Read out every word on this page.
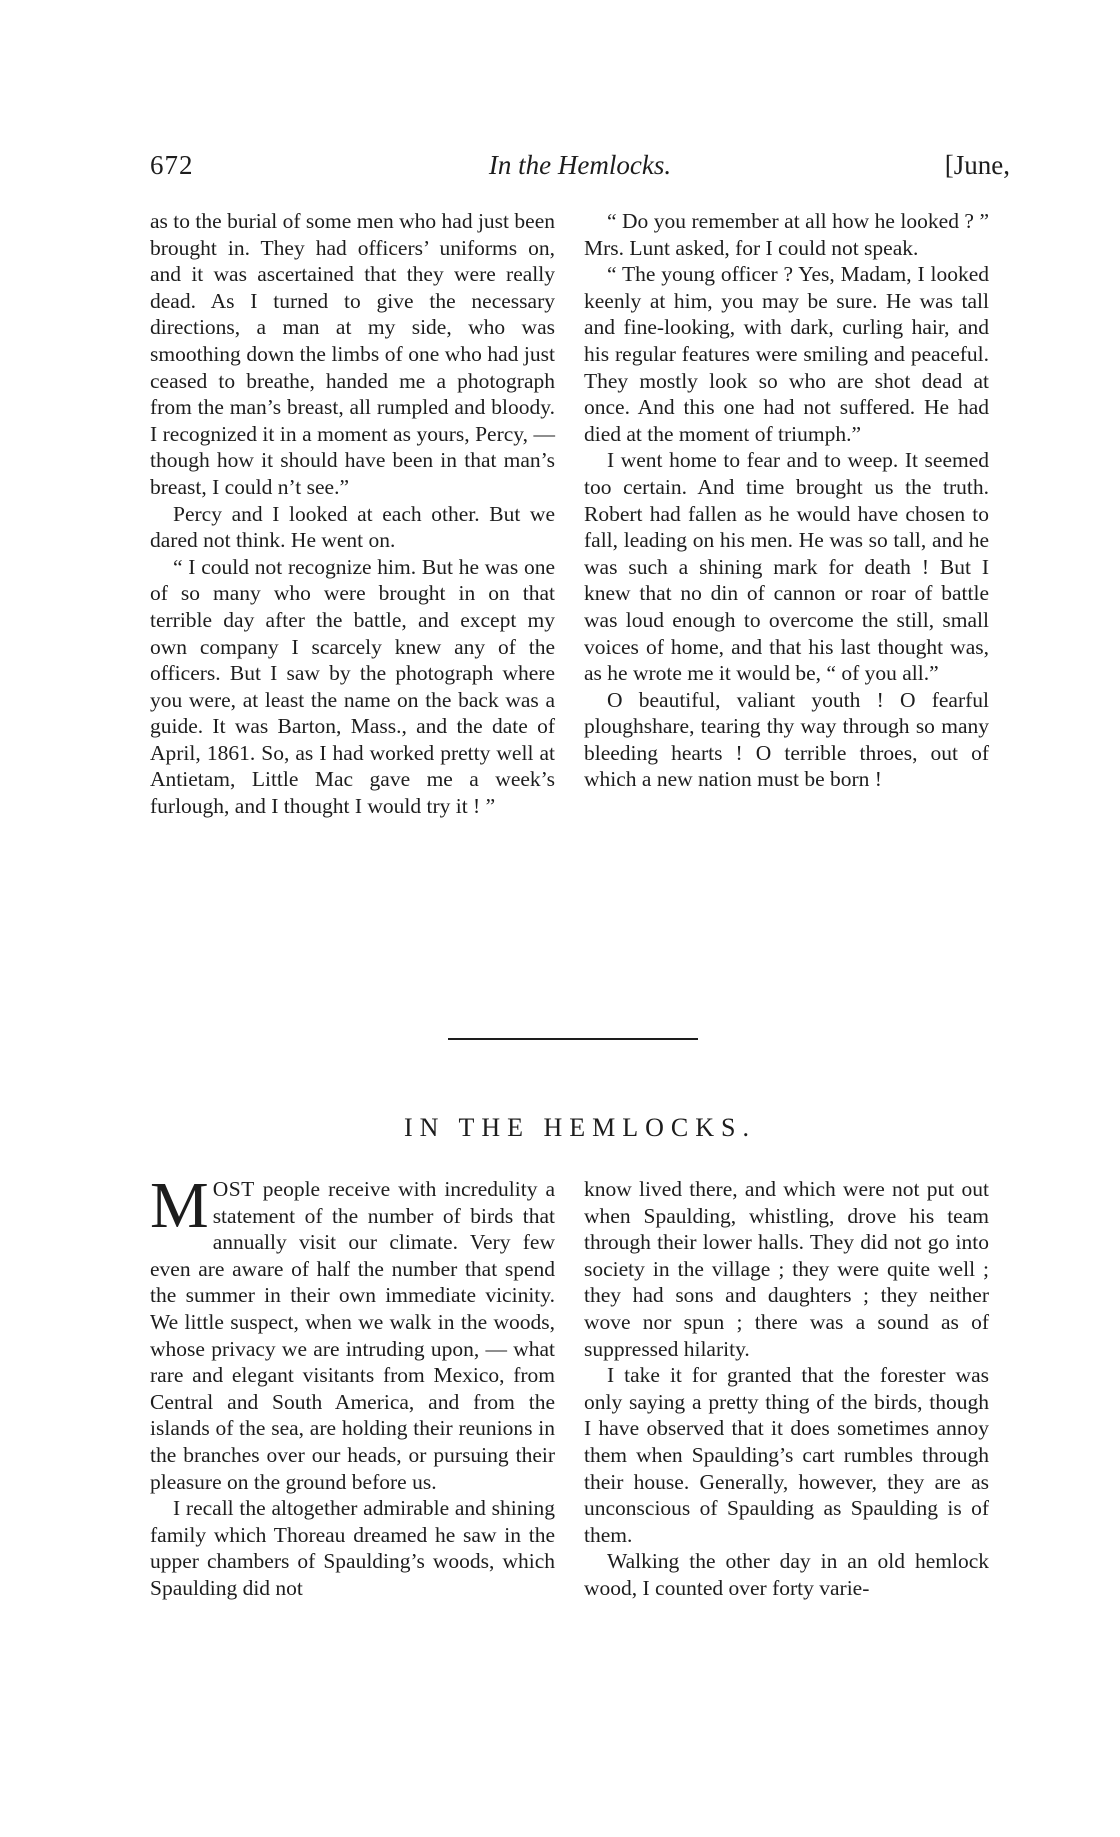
672	In the Hemlocks.	[June,

as to the burial of some men who had just been brought in. They had officers’ uniforms on, and it was ascertained that they were really dead. As I turned to give the necessary directions, a man at my side, who was smoothing down the limbs of one who had just ceased to breathe, handed me a photograph from the man’s breast, all rumpled and bloody. I recognized it in a moment as yours, Percy, — though how it should have been in that man’s breast, I could n’t see.”

Percy and I looked at each other. But we dared not think. He went on.

“ I could not recognize him. But he was one of so many who were brought in on that terrible day after the battle, and except my own company I scarcely knew any of the officers. But I saw by the photograph where you were, at least the name on the back was a guide. It was Barton, Mass., and the date of April, 1861. So, as I had worked pretty well at Antietam, Little Mac gave me a week’s furlough, and I thought I would try it ! ”

“ Do you remember at all how he looked ? ” Mrs. Lunt asked, for I could not speak.

“ The young officer ? Yes, Madam, I looked keenly at him, you may be sure. He was tall and fine-looking, with dark, curling hair, and his regular features were smiling and peaceful. They mostly look so who are shot dead at once. And this one had not suffered. He had died at the moment of triumph.”

I went home to fear and to weep. It seemed too certain. And time brought us the truth. Robert had fallen as he would have chosen to fall, leading on his men. He was so tall, and he was such a shining mark for death ! But I knew that no din of cannon or roar of battle was loud enough to overcome the still, small voices of home, and that his last thought was, as he wrote me it would be, “ of you all.”

O beautiful, valiant youth ! O fearful ploughshare, tearing thy way through so many bleeding hearts ! O terrible throes, out of which a new nation must be born !

IN THE HEMLOCKS.

MOST people receive with incredulity a statement of the number of birds that annually visit our climate. Very few even are aware of half the number that spend the summer in their own immediate vicinity. We little suspect, when we walk in the woods, whose privacy we are intruding upon, — what rare and elegant visitants from Mexico, from Central and South America, and from the islands of the sea, are holding their reunions in the branches over our heads, or pursuing their pleasure on the ground before us.

I recall the altogether admirable and shining family which Thoreau dreamed he saw in the upper chambers of Spaulding’s woods, which Spaulding did not

know lived there, and which were not put out when Spaulding, whistling, drove his team through their lower halls. They did not go into society in the village ; they were quite well ; they had sons and daughters ; they neither wove nor spun ; there was a sound as of suppressed hilarity.

I take it for granted that the forester was only saying a pretty thing of the birds, though I have observed that it does sometimes annoy them when Spaulding’s cart rumbles through their house. Generally, however, they are as unconscious of Spaulding as Spaulding is of them.

Walking the other day in an old hemlock wood, I counted over forty varie-
